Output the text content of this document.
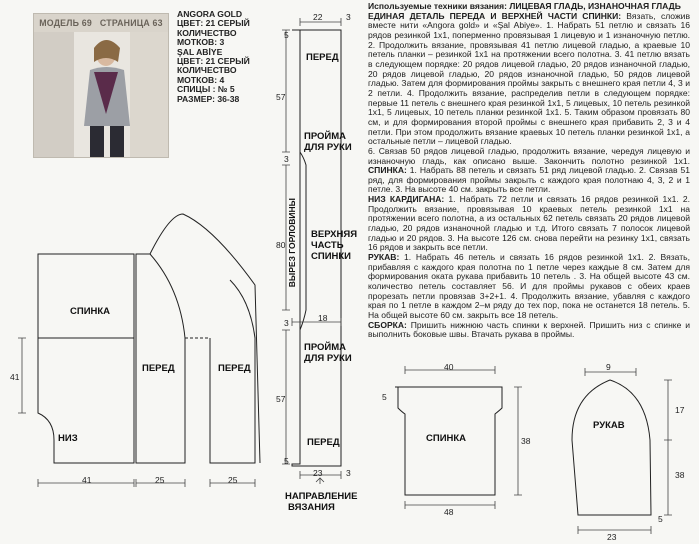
МОДЕЛЬ 69 СТРАНИЦА 63
ANGORA GOLD
ЦВЕТ: 21 СЕРЫЙ
КОЛИЧЕСТВО
МОТКОВ: 3
ŞAL ABİYE
ЦВЕТ: 21 СЕРЫЙ
КОЛИЧЕСТВО
МОТКОВ: 4
СПИЦЫ : № 5
РАЗМЕР: 36-38
СПИНКА
ПЕРЕД	ПЕРЕД
НИЗ
ПЕРЕД
ПРОЙМА
ДЛЯ РУКИ
ВЕРХНЯЯ
ЧАСТЬ
СПИНКИ
ПРОЙМА
ДЛЯ РУКИ
ПЕРЕД
ВЫРЕЗ ГОРЛОВИНЫ
НАПРАВЛЕНИЕ
ВЯЗАНИЯ
СПИНКА
РУКАВ
41	25	25
41
22	3
5
57
3
80
18
3
57
5
23	3
40
48
5
38
9
17
38
5
23

Используемые техники вязания: ЛИЦЕВАЯ ГЛАДЬ, ИЗНАНОЧНАЯ ГЛАДЬ

ЕДИНАЯ ДЕТАЛЬ ПЕРЕДА И ВЕРХНЕЙ ЧАСТИ СПИНКИ: Вязать, сложив вместе нити «Angora gold» и «Şal Abiye». 1. Набрать 51 петлю и связать 16 рядов резинкой 1х1, поперменно провязывая 1 лицевую и 1 изнаночную петлю. 2. Продолжить вязание, провязывая 41 петлю лицевой гладью, а краевые 10 петель планки – резинкой 1х1 на протяжении всего полотна. 3. 41 петлю вязать в следующем порядке: 20 рядов лицевой гладью, 20 рядов изнаночной гладью, 20 рядов лицевой гладью, 20 рядов изнаночной гладью, 50 рядов лицевой гладью. Затем для формирования проймы закрыть с внешнего края петли 4, 3 и 2 петли. 4. Продолжить вязание, распределив петли в следующем порядке: первые 11 петель с внешнего края резинкой 1х1, 5 лицевых, 10 петель резинкой 1х1, 5 лицевых, 10 петель планки резинкой 1х1. 5. Таким образом провязать 80 см, и для формирования второй проймы с внешнего края прибавить 2, 3 и 4 петли. При этом продолжить вязание краевых 10 петель планки резинкой 1х1, а остальные петли – лицевой гладью.

6. Связав 50 рядов лицевой гладью, продолжить вязание, чередуя лицевую и изнаночную гладь, как описано выше. Закончить полотно резинкой 1х1. СПИНКА: 1. Набрать 88 петель и связать 51 ряд лицевой гладью. 2. Связав 51 ряд, для формирования проймы закрыть с каждого края полотнаю 4, 3, 2 и 1 петле. 3. На высоте 40 см. закрыть все петли.

НИЗ КАРДИГАНА: 1. Набрать 72 петли и связать 16 рядов резинкой 1х1. 2. Продолжить вязание, провязывая 10 краевых петель резинкой 1х1 на протяжении всего полотна, а из остальных 62 петель связать 20 рядов лицевой гладью, 20 рядов изнаночной гладью и т.д. Итого связать 7 полосок лицевой гладью и 20 рядов. 3. На высоте 126 см. снова перейти на резинку 1х1, связать 16 рядов и закрыть все петли.

РУКАВ: 1. Набрать 46 петель и связать 16 рядов резинкой 1х1. 2. Вязать, прибавляя с каждого края полотна по 1 петле через каждые 8 см. Затем для формирования оката рукава прибавить 10 петель . 3. На общей высоте 43 см. количество петель составляет 56. И для проймы рукавов с обеих краев прорезать петли провязав 3+2+1. 4. Продолжить вязание, убавляя с каждого края по 1 петле в каждом 2–м ряду до тех пор, пока не останется 18 петель. 5. На общей высоте 60 см. закрыть все 18 петель.

СБОРКА: Пришить нижнюю часть спинки к верхней. Пришить низ с спинке и выполнить боковые швы. Втачать рукава в проймы.
